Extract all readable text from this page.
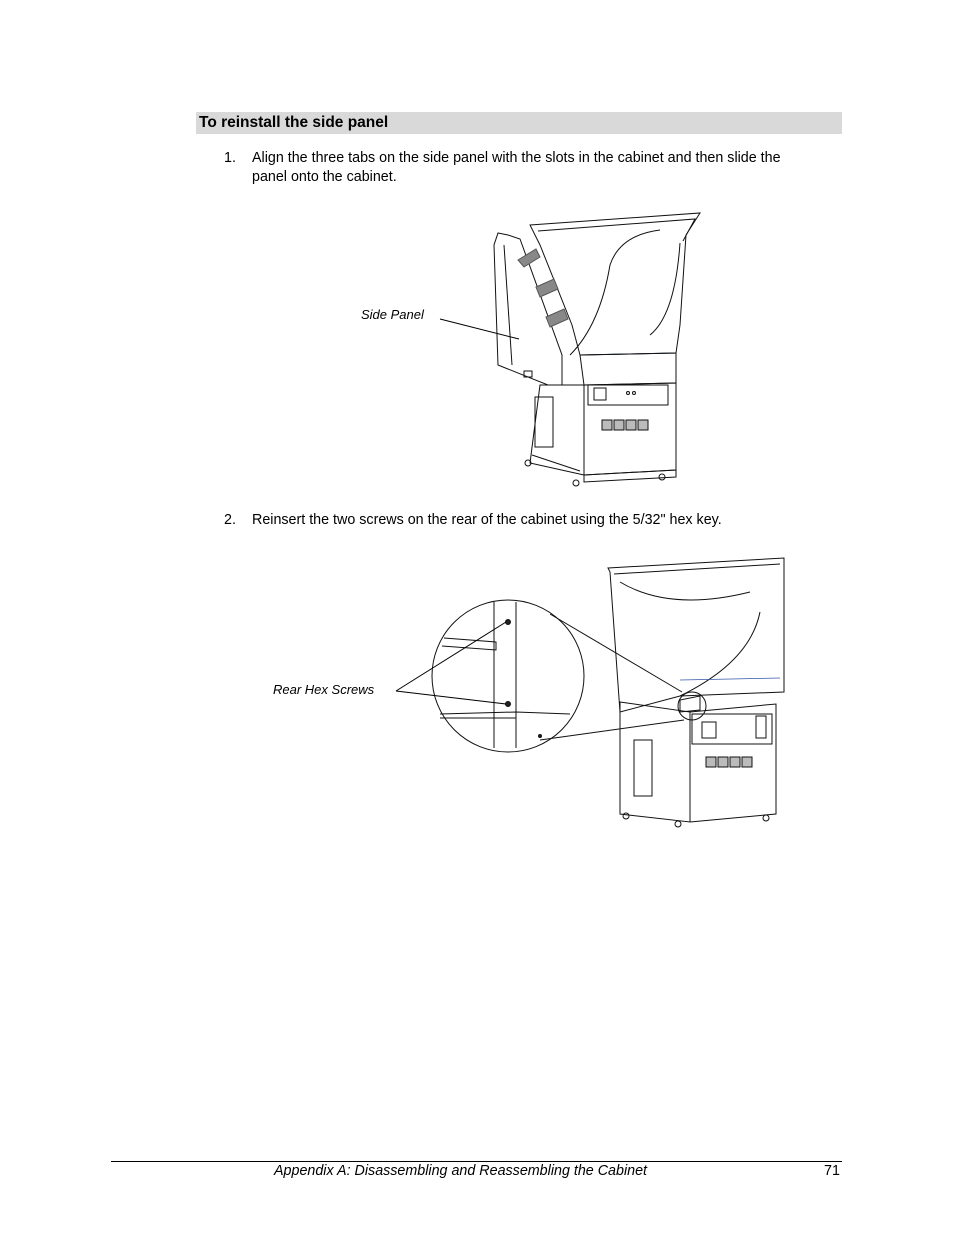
To reinstall the side panel
1. Align the three tabs on the side panel with the slots in the cabinet and then slide the
panel onto the cabinet.
Side Panel
2. Reinsert the two screws on the rear of the cabinet using the 5/32" hex key.
Rear Hex Screws
Appendix A: Disassembling and Reassembling the Cabinet	71
